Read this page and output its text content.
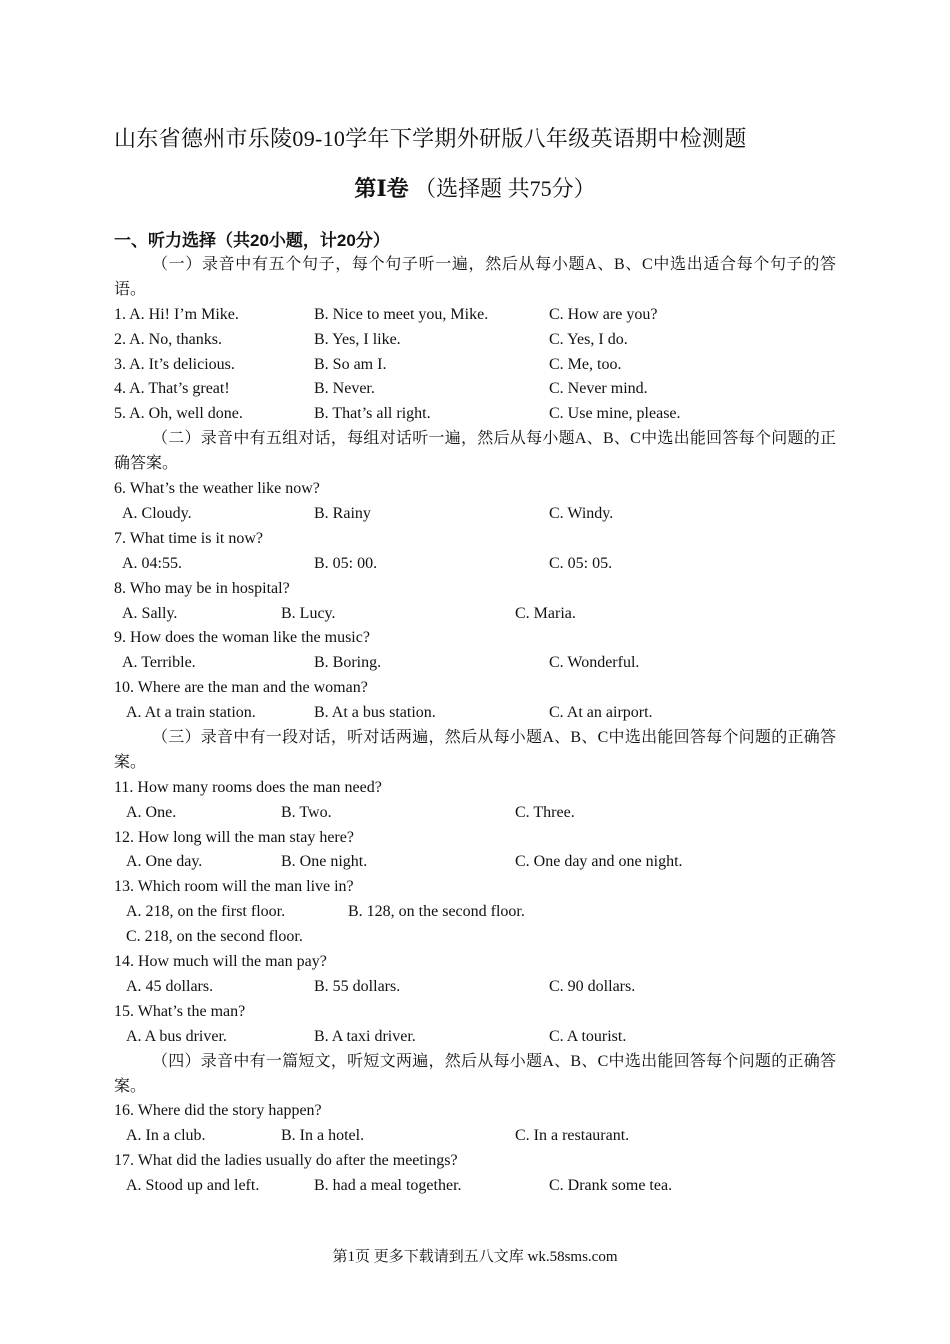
山东省德州市乐陵09-10学年下学期外研版八年级英语期中检测题
第Ⅰ卷 （选择题 共75分）
一、听力选择（共20小题，计20分）
（一）录音中有五个句子，每个句子听一遍，然后从每小题A、B、C中选出适合每个句子的答语。
1. A. Hi! I’m Mike.	B. Nice to meet you, Mike.	C. How are you?
2. A. No, thanks.	B. Yes, I like.	C. Yes, I do.
3. A. It’s delicious.	B. So am I.	C. Me, too.
4. A. That’s great!	B. Never.	C. Never mind.
5. A. Oh, well done.	B. That’s all right.	C. Use mine, please.
（二）录音中有五组对话，每组对话听一遍，然后从每小题A、B、C中选出能回答每个问题的正确答案。
6. What’s the weather like now?
A. Cloudy.	B. Rainy	C. Windy.
7. What time is it now?
A. 04:55.	B. 05: 00.	C. 05: 05.
8. Who may be in hospital?
A. Sally.	B. Lucy.	C. Maria.
9. How does the woman like the music?
A. Terrible.	B. Boring.	C. Wonderful.
10. Where are the man and the woman?
A. At a train station.	B. At a bus station.	C. At an airport.
（三）录音中有一段对话，听对话两遍，然后从每小题A、B、C中选出能回答每个问题的正确答案。
11. How many rooms does the man need?
A. One.	B. Two.	C. Three.
12. How long will the man stay here?
A. One day.	B. One night.	C. One day and one night.
13. Which room will the man live in?
A. 218, on the first floor.	B. 128, on the second floor.
C. 218, on the second floor.
14. How much will the man pay?
A. 45 dollars.	B. 55 dollars.	C. 90 dollars.
15. What’s the man?
A. A bus driver.	B. A taxi driver.	C. A tourist.
（四）录音中有一篇短文，听短文两遍，然后从每小题A、B、C中选出能回答每个问题的正确答案。
16. Where did the story happen?
A. In a club.	B. In a hotel.	C. In a restaurant.
17. What did the ladies usually do after the meetings?
A. Stood up and left.	B. had a meal together.	C. Drank some tea.
第1页 更多下载请到五八文库 wk.58sms.com
